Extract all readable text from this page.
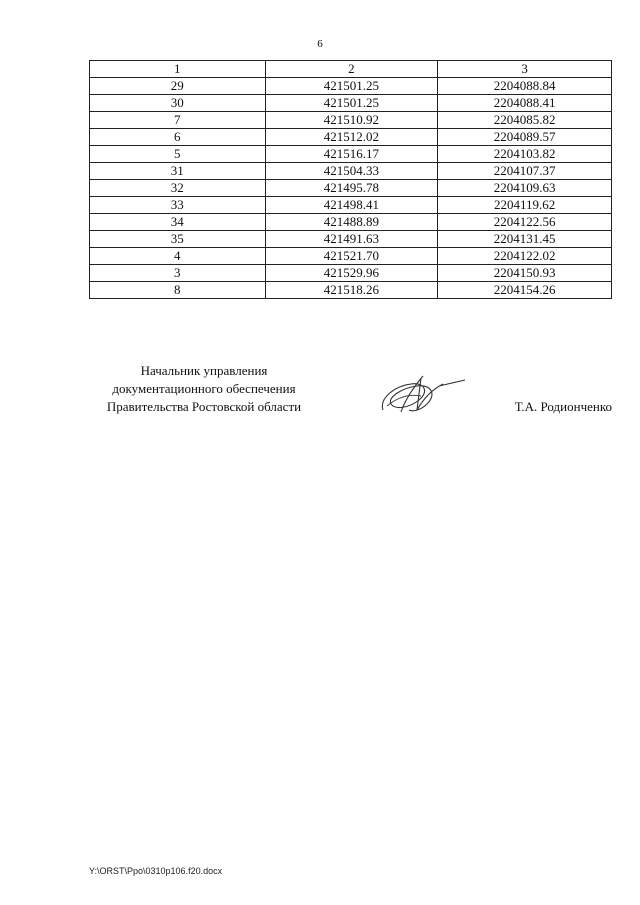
6
1	2	3
29	421501.25	2204088.84
30	421501.25	2204088.41
7	421510.92	2204085.82
6	421512.02	2204089.57
5	421516.17	2204103.82
31	421504.33	2204107.37
32	421495.78	2204109.63
33	421498.41	2204119.62
34	421488.89	2204122.56
35	421491.63	2204131.45
4	421521.70	2204122.02
3	421529.96	2204150.93
8	421518.26	2204154.26
Начальник управления
документационного обеспечения
Правительства Ростовской области	Т.А. Родионченко
Y:\ORST\Ppo\0310p106.f20.docx
